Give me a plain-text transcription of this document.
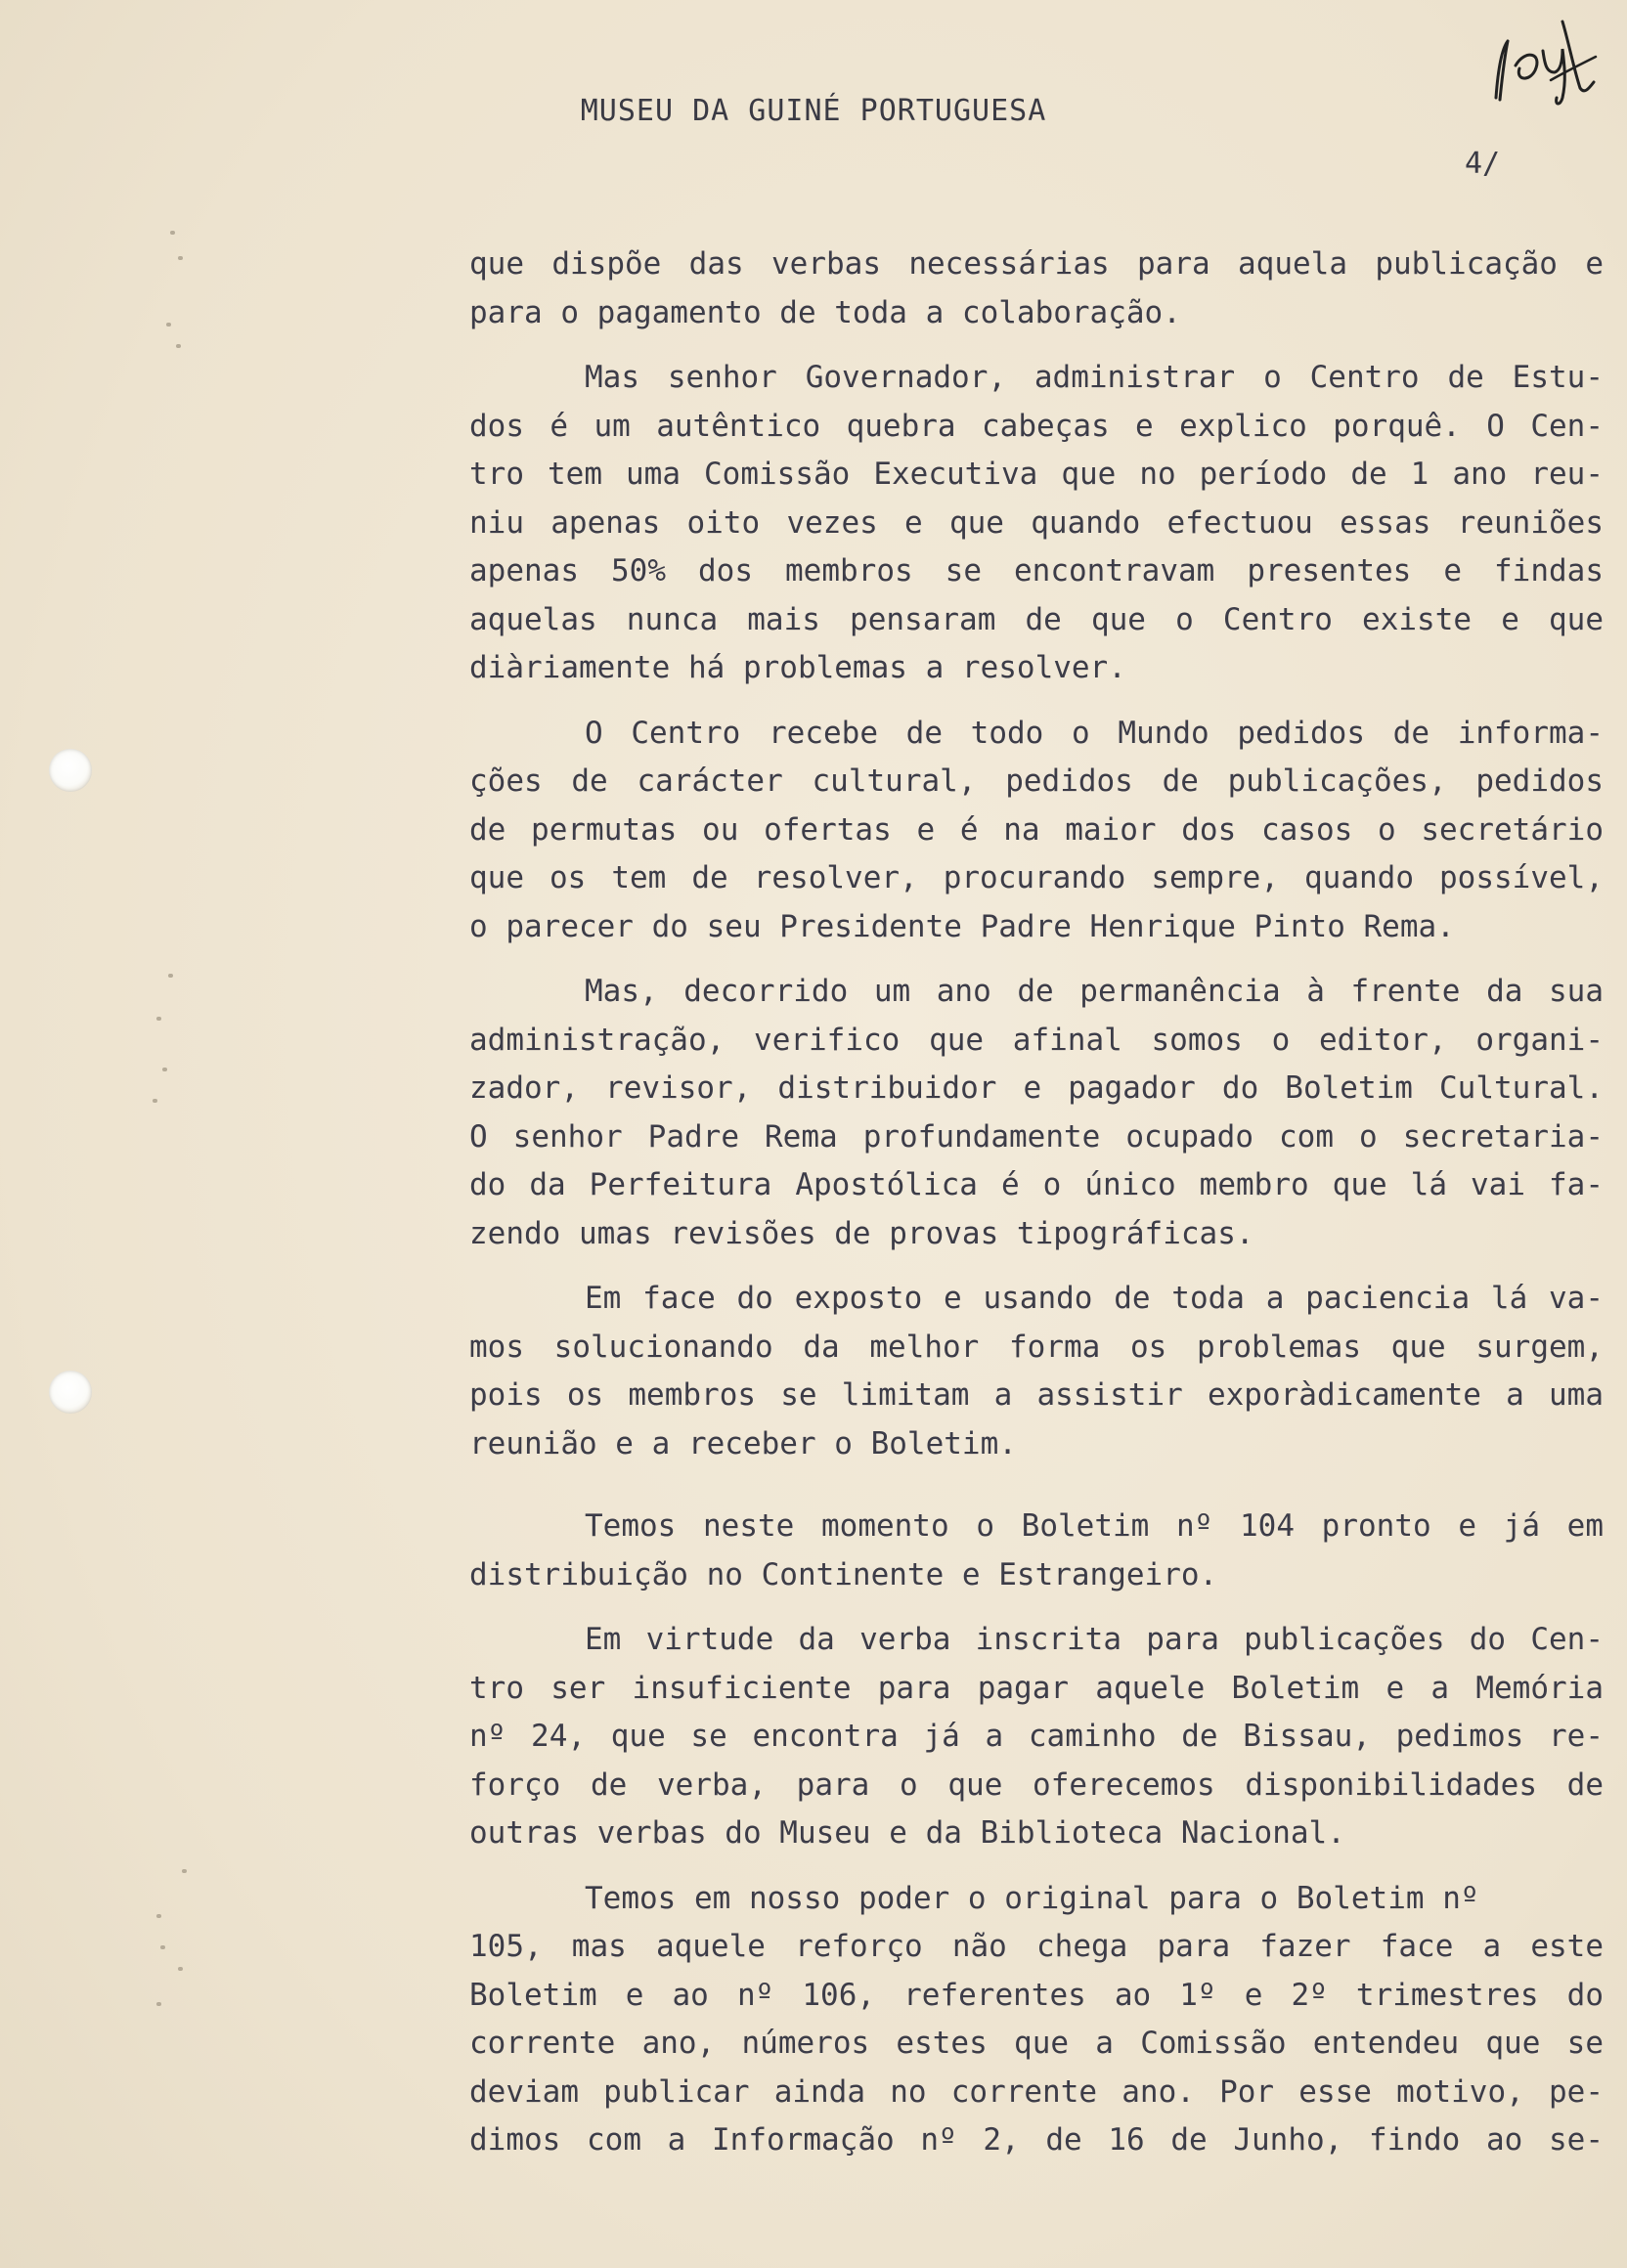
MUSEU DA GUINÉ PORTUGUESA
4/
que dispõe das verbas necessárias para aquela publicação e
para o pagamento de toda a colaboração.
Mas senhor Governador, administrar o Centro de Estu-
dos é um autêntico quebra cabeças e explico porquê. O Cen-
tro tem uma Comissão Executiva que no período de 1 ano reu-
niu apenas oito vezes e que quando efectuou essas reuniões
apenas 50% dos membros se encontravam presentes e findas
aquelas nunca mais pensaram de que o Centro existe e que
diàriamente há problemas a resolver.
O Centro recebe de todo o Mundo pedidos de informa-
ções de carácter cultural, pedidos de publicações, pedidos
de permutas ou ofertas e é na maior dos casos o secretário
que os tem de resolver, procurando sempre, quando possível,
o parecer do seu Presidente Padre Henrique Pinto Rema.
Mas, decorrido um ano de permanência à frente da sua
administração, verifico que afinal somos o editor, organi-
zador, revisor, distribuidor e pagador do Boletim Cultural.
O senhor Padre Rema profundamente ocupado com o secretaria-
do da Perfeitura Apostólica é o único membro que lá vai fa-
zendo umas revisões de provas tipográficas.
Em face do exposto e usando de toda a paciencia lá va-
mos solucionando da melhor forma os problemas que surgem,
pois os membros se limitam a assistir exporàdicamente a uma
reunião e a receber o Boletim.
Temos neste momento o Boletim nº 104 pronto e já em
distribuição no Continente e Estrangeiro.
Em virtude da verba inscrita para publicações do Cen-
tro ser insuficiente para pagar aquele Boletim e a Memória
nº 24, que se encontra já a caminho de Bissau, pedimos re-
forço de verba, para o que oferecemos disponibilidades de
outras verbas do Museu e da Biblioteca Nacional.
Temos em nosso poder o original para o Boletim nº
105, mas aquele reforço não chega para fazer face a este
Boletim e ao nº 106, referentes ao 1º e 2º trimestres do
corrente ano, números estes que a Comissão entendeu que se
deviam publicar ainda no corrente ano. Por esse motivo, pe-
dimos com a Informação nº 2, de 16 de Junho, findo ao se-
